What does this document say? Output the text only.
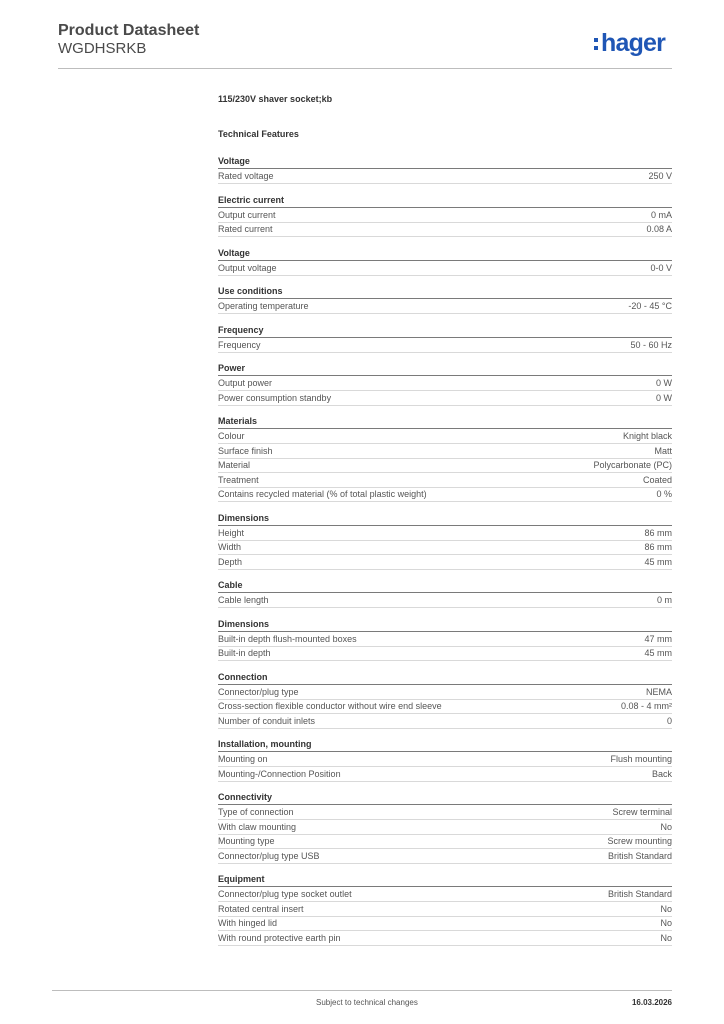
Product Datasheet
WGDHSRKB	hager
115/230V shaver socket;kb
Technical Features
Voltage
Rated voltage	250 V
Electric current
Output current	0 mA
Rated current	0.08 A
Voltage
Output voltage	0-0 V
Use conditions
Operating temperature	-20 - 45 °C
Frequency
Frequency	50 - 60 Hz
Power
Output power	0 W
Power consumption standby	0 W
Materials
Colour	Knight black
Surface finish	Matt
Material	Polycarbonate (PC)
Treatment	Coated
Contains recycled material (% of total plastic weight)	0 %
Dimensions
Height	86 mm
Width	86 mm
Depth	45 mm
Cable
Cable length	0 m
Dimensions
Built-in depth flush-mounted boxes	47 mm
Built-in depth	45 mm
Connection
Connector/plug type	NEMA
Cross-section flexible conductor without wire end sleeve	0.08 - 4 mm²
Number of conduit inlets	0
Installation, mounting
Mounting on	Flush mounting
Mounting-/Connection Position	Back
Connectivity
Type of connection	Screw terminal
With claw mounting	No
Mounting type	Screw mounting
Connector/plug type USB	British Standard
Equipment
Connector/plug type socket outlet	British Standard
Rotated central insert	No
With hinged lid	No
With round protective earth pin	No
Subject to technical changes	16.03.2026
